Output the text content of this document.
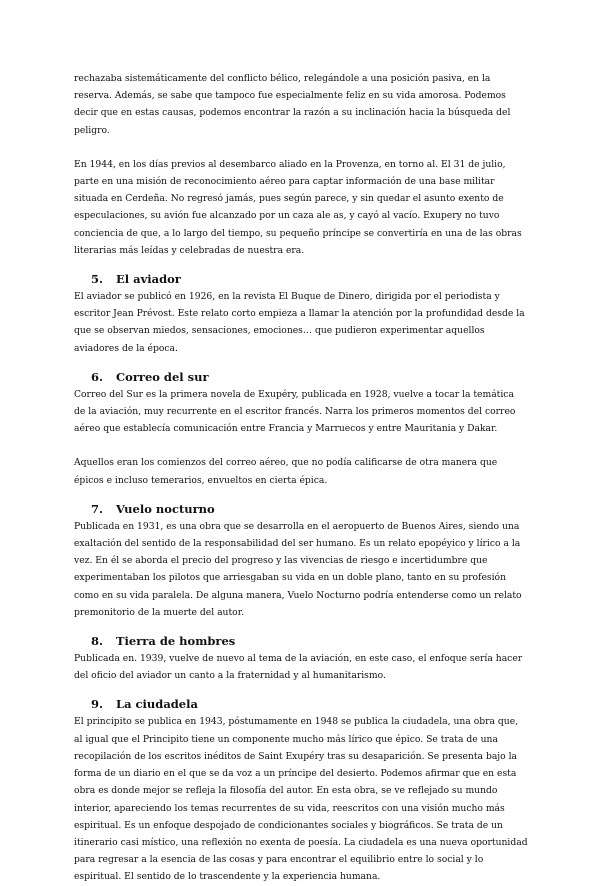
rechazaba sistemáticamente del conflicto bélico, relegándole a una posición pasiva, en la reserva. Además, se sabe que tampoco fue especialmente feliz en su vida amorosa. Podemos decir que en estas causas, podemos encontrar la razón a su inclinación hacia la búsqueda del peligro.

En 1944, en los días previos al desembarco aliado en la Provenza, en torno al. El 31 de julio, parte en una misión de reconocimiento aéreo para captar información de una base militar situada en Cerdeña. No regresó jamás, pues según parece, y sin quedar el asunto exento de especulaciones, su avión fue alcanzado por un caza ale as, y cayó al vacío. Exupery no tuvo conciencia de que, a lo largo del tiempo, su pequeño príncipe se convertiría en una de las obras literarias más leídas y celebradas de nuestra era.

5. El aviador

El aviador se publicó en 1926, en la revista El Buque de Dinero, dirigida por el periodista y escritor Jean Prévost. Este relato corto empieza a llamar la atención por la profundidad desde la que se observan miedos, sensaciones, emociones… que pudieron experimentar aquellos aviadores de la época.

6. Correo del sur

Correo del Sur es la primera novela de Exupéry, publicada en 1928, vuelve a tocar la temática de la aviación, muy recurrente en el escritor francés. Narra los primeros momentos del correo aéreo que establecía comunicación entre Francia y Marruecos y entre Mauritania y Dakar.

Aquellos eran los comienzos del correo aéreo, que no podía calificarse de otra manera que épicos e incluso temerarios, envueltos en cierta épica.

7. Vuelo nocturno

Publicada en 1931, es una obra que se desarrolla en el aeropuerto de Buenos Aires, siendo una exaltación del sentido de la responsabilidad del ser humano. Es un relato epopéyico y lírico a la vez. En él se aborda el precio del progreso y las vivencias de riesgo e incertidumbre que experimentaban los pilotos que arriesgaban su vida en un doble plano, tanto en su profesión como en su vida paralela. De alguna manera, Vuelo Nocturno podría entenderse como un relato premonitorio de la muerte del autor.

8. Tierra de hombres

Publicada en. 1939, vuelve de nuevo al tema de la aviación, en este caso, el enfoque sería hacer del oficio del aviador un canto a la fraternidad y al humanitarismo.

9. La ciudadela

El principito se publica en 1943, póstumamente en 1948 se publica la ciudadela, una obra que, al igual que el Principito tiene un componente mucho más lírico que épico. Se trata de una recopilación de los escritos inéditos de Saint Exupéry tras su desaparición. Se presenta bajo la forma de un diario en el que se da voz a un príncipe del desierto. Podemos afirmar que en esta obra es donde mejor se refleja la filosofía del autor. En esta obra, se ve reflejado su mundo interior, apareciendo los temas recurrentes de su vida, reescritos con una visión mucho más espiritual. Es un enfoque despojado de condicionantes sociales y biográficos. Se trata de un itinerario casi místico, una reflexión no exenta de poesía. La ciudadela es una nueva oportunidad para regresar a la esencia de las cosas y para encontrar el equilibrio entre lo social y lo espiritual. El sentido de lo trascendente y la experiencia humana.
